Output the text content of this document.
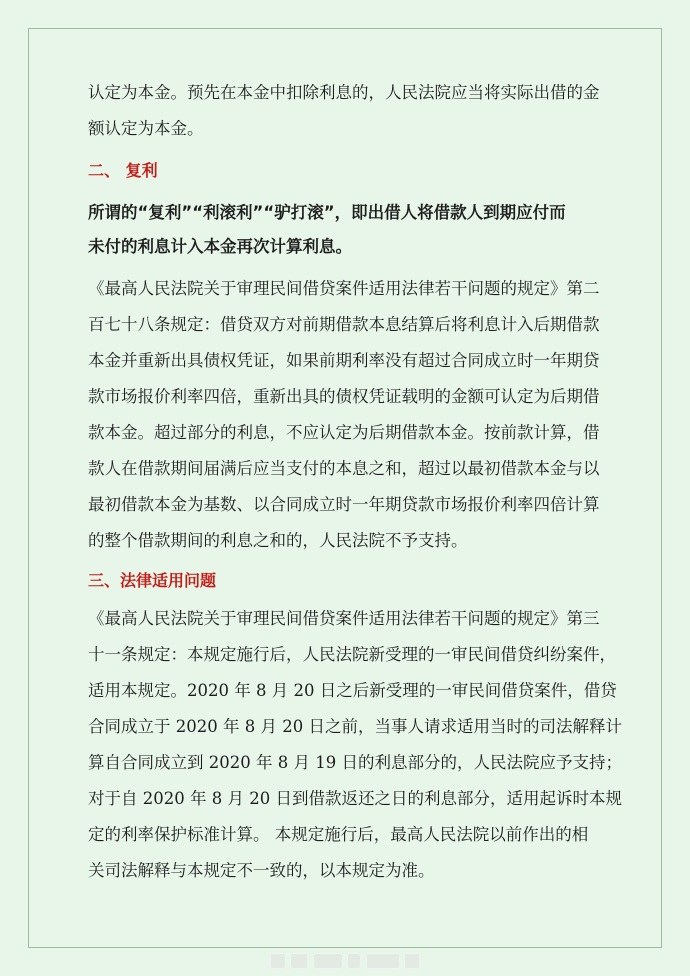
认定为本金。预先在本金中扣除利息的，人民法院应当将实际出借的金
额认定为本金。
二、 复利
所谓的“复利”“利滚利”“驴打滚”，即出借人将借款人到期应付而
未付的利息计入本金再次计算利息。
《最高人民法院关于审理民间借贷案件适用法律若干问题的规定》第二
百七十八条规定：借贷双方对前期借款本息结算后将利息计入后期借款
本金并重新出具债权凭证，如果前期利率没有超过合同成立时一年期贷
款市场报价利率四倍，重新出具的债权凭证载明的金额可认定为后期借
款本金。超过部分的利息，不应认定为后期借款本金。按前款计算，借
款人在借款期间届满后应当支付的本息之和，超过以最初借款本金与以
最初借款本金为基数、以合同成立时一年期贷款市场报价利率四倍计算
的整个借款期间的利息之和的，人民法院不予支持。
三、法律适用问题
《最高人民法院关于审理民间借贷案件适用法律若干问题的规定》第三
十一条规定：本规定施行后，人民法院新受理的一审民间借贷纠纷案件，
适用本规定。2020 年 8 月 20 日之后新受理的一审民间借贷案件，借贷
合同成立于 2020 年 8 月 20 日之前，当事人请求适用当时的司法解释计
算自合同成立到 2020 年 8 月 19 日的利息部分的，人民法院应予支持；
对于自 2020 年 8 月 20 日到借款返还之日的利息部分，适用起诉时本规
定的利率保护标准计算。 本规定施行后，最高人民法院以前作出的相
关司法解释与本规定不一致的，以本规定为准。
